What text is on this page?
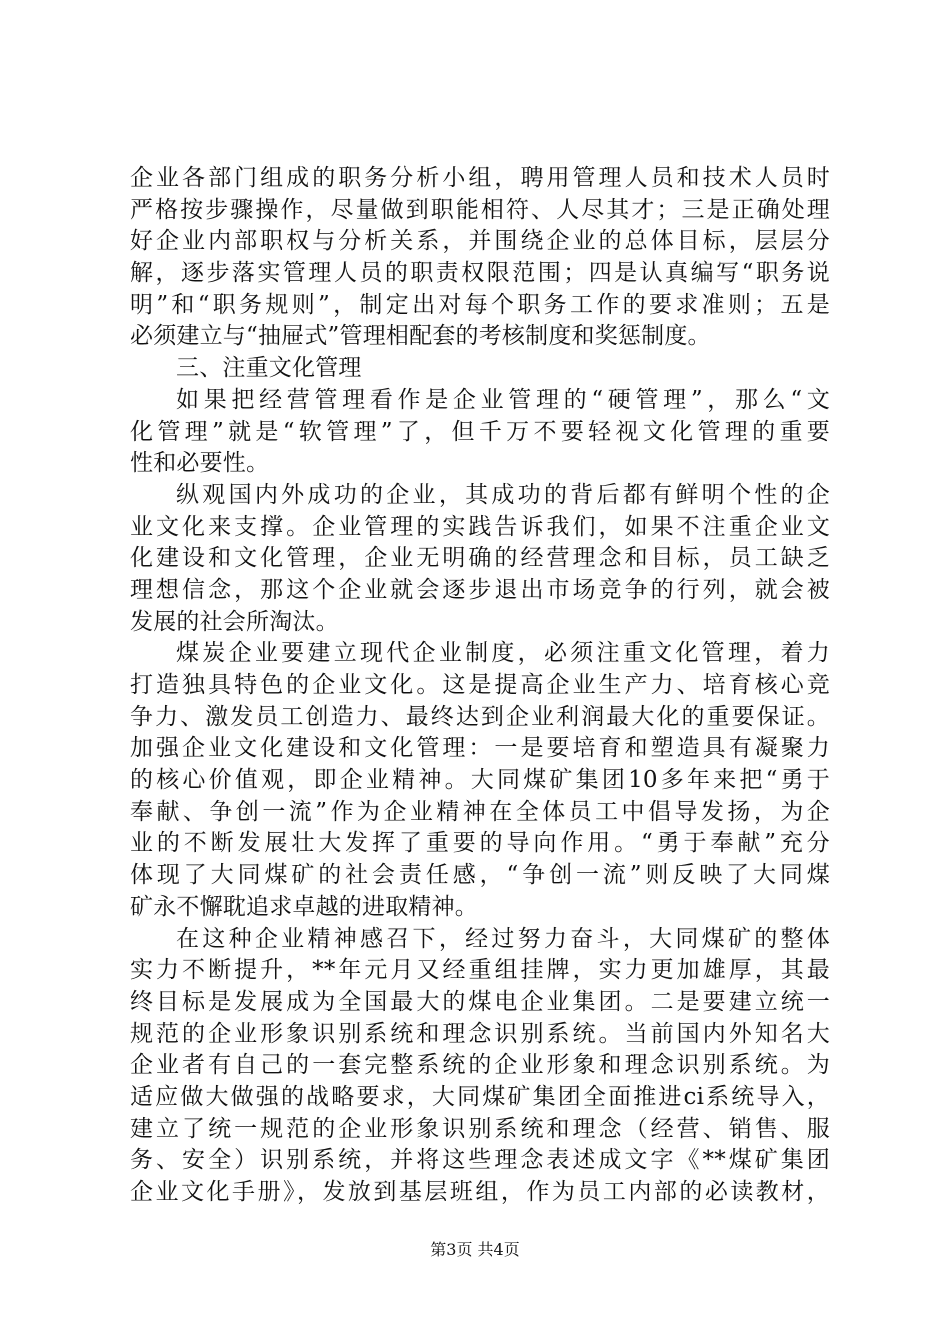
企业各部门组成的职务分析小组，聘用管理人员和技术人员时
严格按步骤操作，尽量做到职能相符、人尽其才；三是正确处理
好企业内部职权与分析关系，并围绕企业的总体目标，层层分
解，逐步落实管理人员的职责权限范围；四是认真编写“职务说
明”和“职务规则”，制定出对每个职务工作的要求准则；五是
必须建立与“抽屉式”管理相配套的考核制度和奖惩制度。
三、注重文化管理
如果把经营管理看作是企业管理的“硬管理”，那么“文
化管理”就是“软管理”了，但千万不要轻视文化管理的重要
性和必要性。
纵观国内外成功的企业，其成功的背后都有鲜明个性的企
业文化来支撑。企业管理的实践告诉我们，如果不注重企业文
化建设和文化管理，企业无明确的经营理念和目标，员工缺乏
理想信念，那这个企业就会逐步退出市场竞争的行列，就会被
发展的社会所淘汰。
煤炭企业要建立现代企业制度，必须注重文化管理，着力
打造独具特色的企业文化。这是提高企业生产力、培育核心竞
争力、激发员工创造力、最终达到企业利润最大化的重要保证。
加强企业文化建设和文化管理：一是要培育和塑造具有凝聚力
的核心价值观，即企业精神。大同煤矿集团10多年来把“勇于
奉献、争创一流”作为企业精神在全体员工中倡导发扬，为企
业的不断发展壮大发挥了重要的导向作用。“勇于奉献”充分
体现了大同煤矿的社会责任感，“争创一流”则反映了大同煤
矿永不懈耽追求卓越的进取精神。
在这种企业精神感召下，经过努力奋斗，大同煤矿的整体
实力不断提升，**年元月又经重组挂牌，实力更加雄厚，其最
终目标是发展成为全国最大的煤电企业集团。二是要建立统一
规范的企业形象识别系统和理念识别系统。当前国内外知名大
企业者有自己的一套完整系统的企业形象和理念识别系统。为
适应做大做强的战略要求，大同煤矿集团全面推进ci系统导入，
建立了统一规范的企业形象识别系统和理念（经营、销售、服
务、安全）识别系统，并将这些理念表述成文字《**煤矿集团
企业文化手册》，发放到基层班组，作为员工内部的必读教材，
第3页 共4页
